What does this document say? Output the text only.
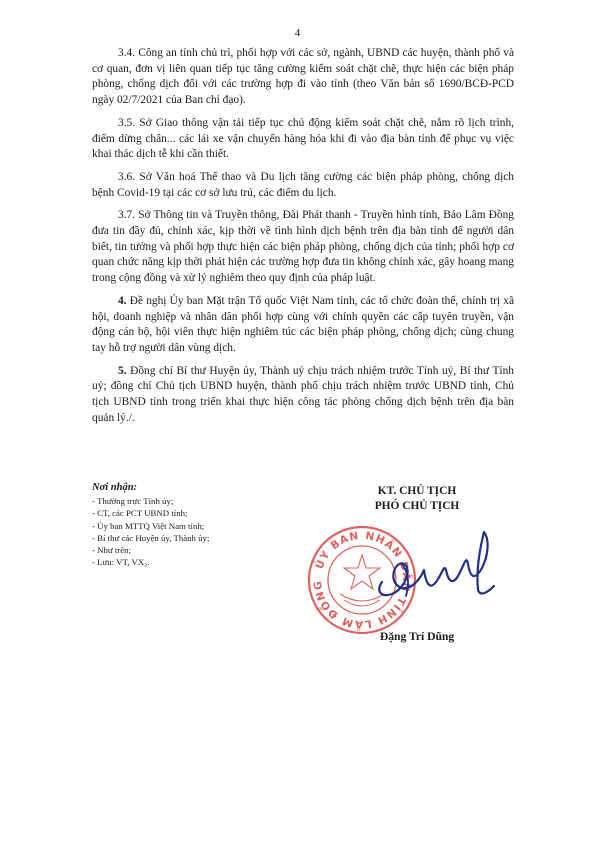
4

3.4. Công an tỉnh chủ trì, phối hợp với các sở, ngành, UBND các huyện, thành phố và cơ quan, đơn vị liên quan tiếp tục tăng cường kiểm soát chặt chẽ, thực hiện các biện pháp phòng, chống dịch đối với các trường hợp đi vào tỉnh (theo Văn bản số 1690/BCĐ-PCD ngày 02/7/2021 của Ban chỉ đạo).

3.5. Sở Giao thông vận tải tiếp tục chủ động kiểm soát chặt chẽ, nắm rõ lịch trình, điểm dừng chân... các lái xe vận chuyển hàng hóa khi đi vào địa bàn tỉnh để phục vụ việc khai thác dịch tễ khi cần thiết.

3.6. Sở Văn hoá Thể thao và Du lịch tăng cường các biện pháp phòng, chống dịch bệnh Covid-19 tại các cơ sở lưu trú, các điểm du lịch.

3.7. Sở Thông tin và Truyền thông, Đài Phát thanh - Truyền hình tỉnh, Báo Lâm Đồng đưa tin đầy đủ, chính xác, kịp thời về tình hình dịch bệnh trên địa bàn tỉnh để người dân biết, tin tưởng và phối hợp thực hiện các biện pháp phòng, chống dịch của tỉnh; phối hợp cơ quan chức năng kịp thời phát hiện các trường hợp đưa tin không chính xác, gây hoang mang trong cộng đồng và xử lý nghiêm theo quy định của pháp luật.

4. Đề nghị Ủy ban Mặt trận Tổ quốc Việt Nam tỉnh, các tổ chức đoàn thể, chính trị xã hội, doanh nghiệp và nhân dân phối hợp cùng với chính quyền các cấp tuyên truyền, vận động cán bộ, hội viên thực hiện nghiêm túc các biện pháp phòng, chống dịch; cùng chung tay hỗ trợ người dân vùng dịch.

5. Đồng chí Bí thư Huyện ủy, Thành uỷ chịu trách nhiệm trước Tỉnh uỷ, Bí thư Tỉnh uỷ; đồng chí Chủ tịch UBND huyện, thành phố chịu trách nhiệm trước UBND tỉnh, Chủ tịch UBND tỉnh trong triển khai thực hiện công tác phòng chống dịch bệnh trên địa bàn quản lý./.

Nơi nhận:

- Thường trực Tỉnh ủy;

- CT, các PCT UBND tỉnh;

- Ủy ban MTTQ Việt Nam tỉnh;

- Bí thư các Huyện ủy, Thành ủy;

- Như trên;

- Lưu: VT, VX₃.

KT. CHỦ TỊCH

PHÓ CHỦ TỊCH

ỦY BAN NHÂN DÂN TỈNH LÂM ĐỒNG
Đặng Trí Dũng
